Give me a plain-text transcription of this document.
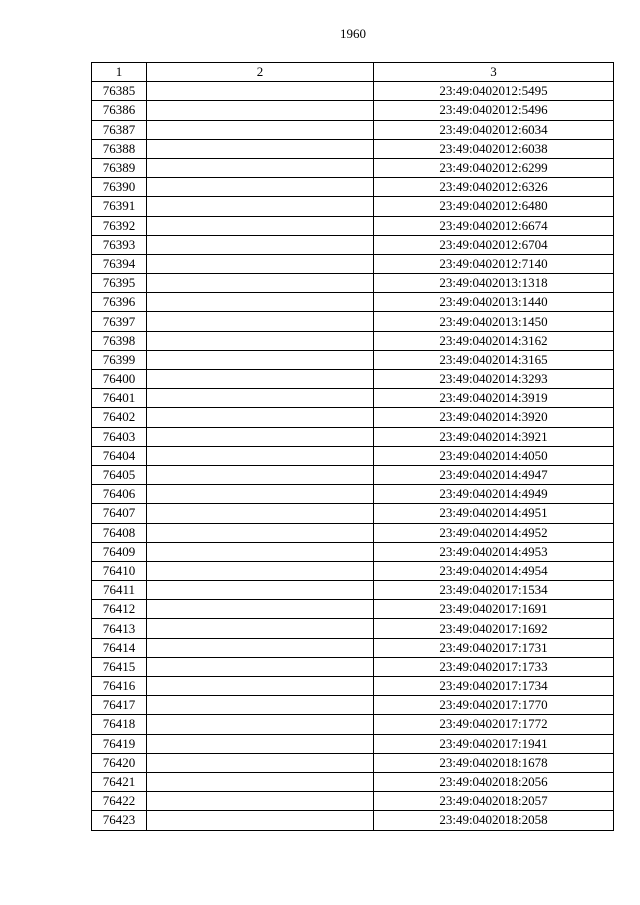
1960
1	2	3
76385		23:49:0402012:5495
76386		23:49:0402012:5496
76387		23:49:0402012:6034
76388		23:49:0402012:6038
76389		23:49:0402012:6299
76390		23:49:0402012:6326
76391		23:49:0402012:6480
76392		23:49:0402012:6674
76393		23:49:0402012:6704
76394		23:49:0402012:7140
76395		23:49:0402013:1318
76396		23:49:0402013:1440
76397		23:49:0402013:1450
76398		23:49:0402014:3162
76399		23:49:0402014:3165
76400		23:49:0402014:3293
76401		23:49:0402014:3919
76402		23:49:0402014:3920
76403		23:49:0402014:3921
76404		23:49:0402014:4050
76405		23:49:0402014:4947
76406		23:49:0402014:4949
76407		23:49:0402014:4951
76408		23:49:0402014:4952
76409		23:49:0402014:4953
76410		23:49:0402014:4954
76411		23:49:0402017:1534
76412		23:49:0402017:1691
76413		23:49:0402017:1692
76414		23:49:0402017:1731
76415		23:49:0402017:1733
76416		23:49:0402017:1734
76417		23:49:0402017:1770
76418		23:49:0402017:1772
76419		23:49:0402017:1941
76420		23:49:0402018:1678
76421		23:49:0402018:2056
76422		23:49:0402018:2057
76423		23:49:0402018:2058
